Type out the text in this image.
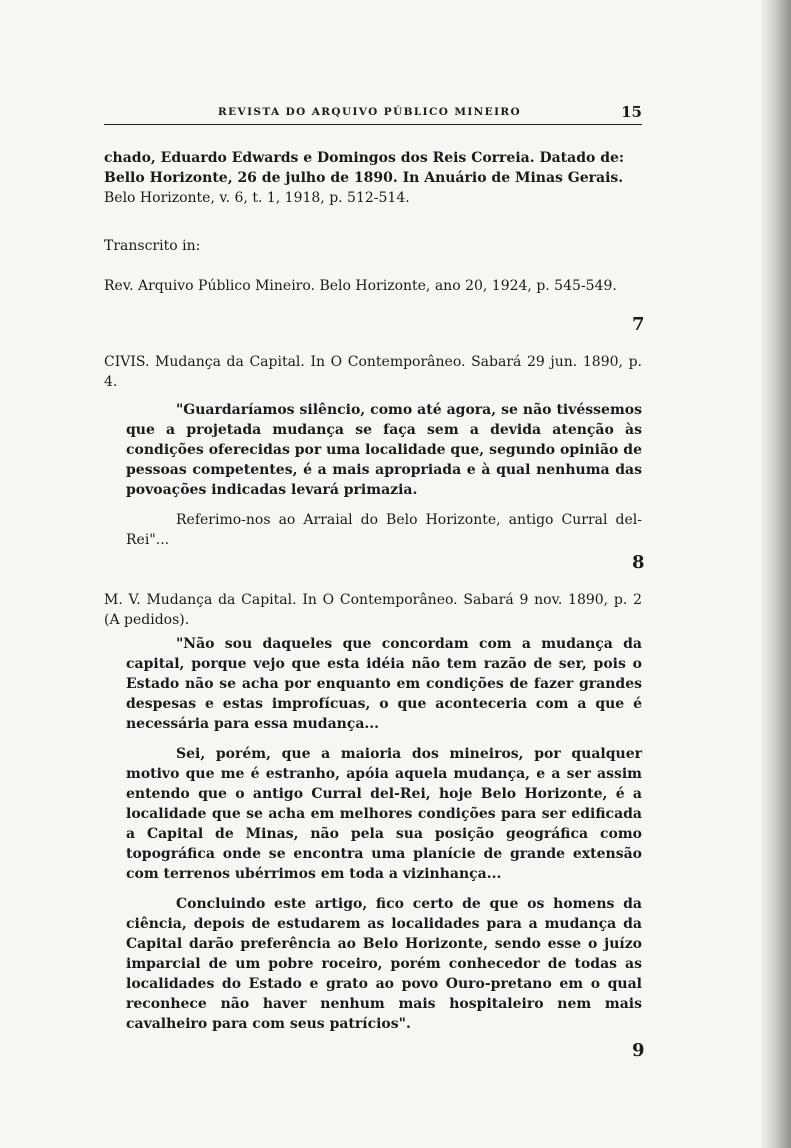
REVISTA DO ARQUIVO PÚBLICO MINEIRO	15

chado, Eduardo Edwards e Domingos dos Reis Correia. Datado de:

Bello Horizonte, 26 de julho de 1890. In Anuário de Minas Gerais.

Belo Horizonte, v. 6, t. 1, 1918, p. 512-514.

Transcrito in:

Rev. Arquivo Público Mineiro. Belo Horizonte, ano 20, 1924, p. 545-549.

7

CIVIS. Mudança da Capital. In O Contemporâneo. Sabará 29 jun. 1890, p. 4.

"Guardaríamos silêncio, como até agora, se não tivéssemos que a projetada mudança se faça sem a devida atenção às condições oferecidas por uma localidade que, segundo opinião de pessoas competentes, é a mais apropriada e à qual nenhuma das povoações indicadas levará primazia.

Referimo-nos ao Arraial do Belo Horizonte, antigo Curral del-Rei"...

8

M. V. Mudança da Capital. In O Contemporâneo. Sabará 9 nov. 1890, p. 2 (A pedidos).

"Não sou daqueles que concordam com a mudança da capital, porque vejo que esta idéia não tem razão de ser, pois o Estado não se acha por enquanto em condições de fazer grandes despesas e estas improfícuas, o que aconteceria com a que é necessária para essa mudança...

Sei, porém, que a maioria dos mineiros, por qualquer motivo que me é estranho, apóia aquela mudança, e a ser assim entendo que o antigo Curral del-Rei, hoje Belo Horizonte, é a localidade que se acha em melhores condições para ser edificada a Capital de Minas, não pela sua posição geográfica como topográfica onde se encontra uma planície de grande extensão com terrenos ubérrimos em toda a vizinhança...

Concluindo este artigo, fico certo de que os homens da ciência, depois de estudarem as localidades para a mudança da Capital darão preferência ao Belo Horizonte, sendo esse o juízo imparcial de um pobre roceiro, porém conhecedor de todas as localidades do Estado e grato ao povo Ouro-pretano em o qual reconhece não haver nenhum mais hospitaleiro nem mais cavalheiro para com seus patrícios".

9
